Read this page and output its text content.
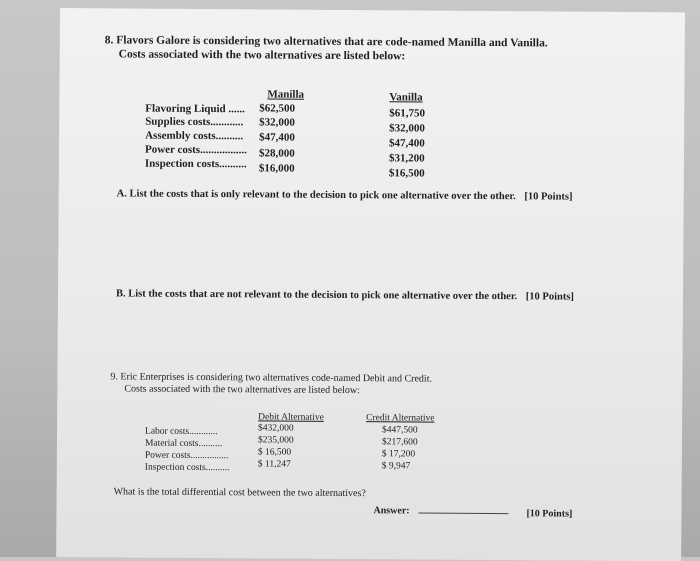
8. Flavors Galore is considering two alternatives that are code-named Manilla and Vanilla.
Costs associated with the two alternatives are listed below:
Manilla	Vanilla
Flavoring Liquid ...... $62,500	$61,750
Supplies costs............ $32,000	$32,000
Assembly costs.......... $47,400	$47,400
Power costs................. $28,000	$31,200
Inspection costs.......... $16,000	$16,500
A. List the costs that is only relevant to the decision to pick one alternative over the other. [10 Points]
B. List the costs that are not relevant to the decision to pick one alternative over the other. [10 Points]
9. Eric Enterprises is considering two alternatives code-named Debit and Credit.
Costs associated with the two alternatives are listed below:
Debit Alternative	Credit Alternative
Labor costs............	$432,000	$447,500
Material costs..........	$235,000	$217,600
Power costs................	$ 16,500	$ 17,200
Inspection costs..........	$ 11,247	$ 9,947
What is the total differential cost between the two alternatives?
Answer:	[10 Points]
